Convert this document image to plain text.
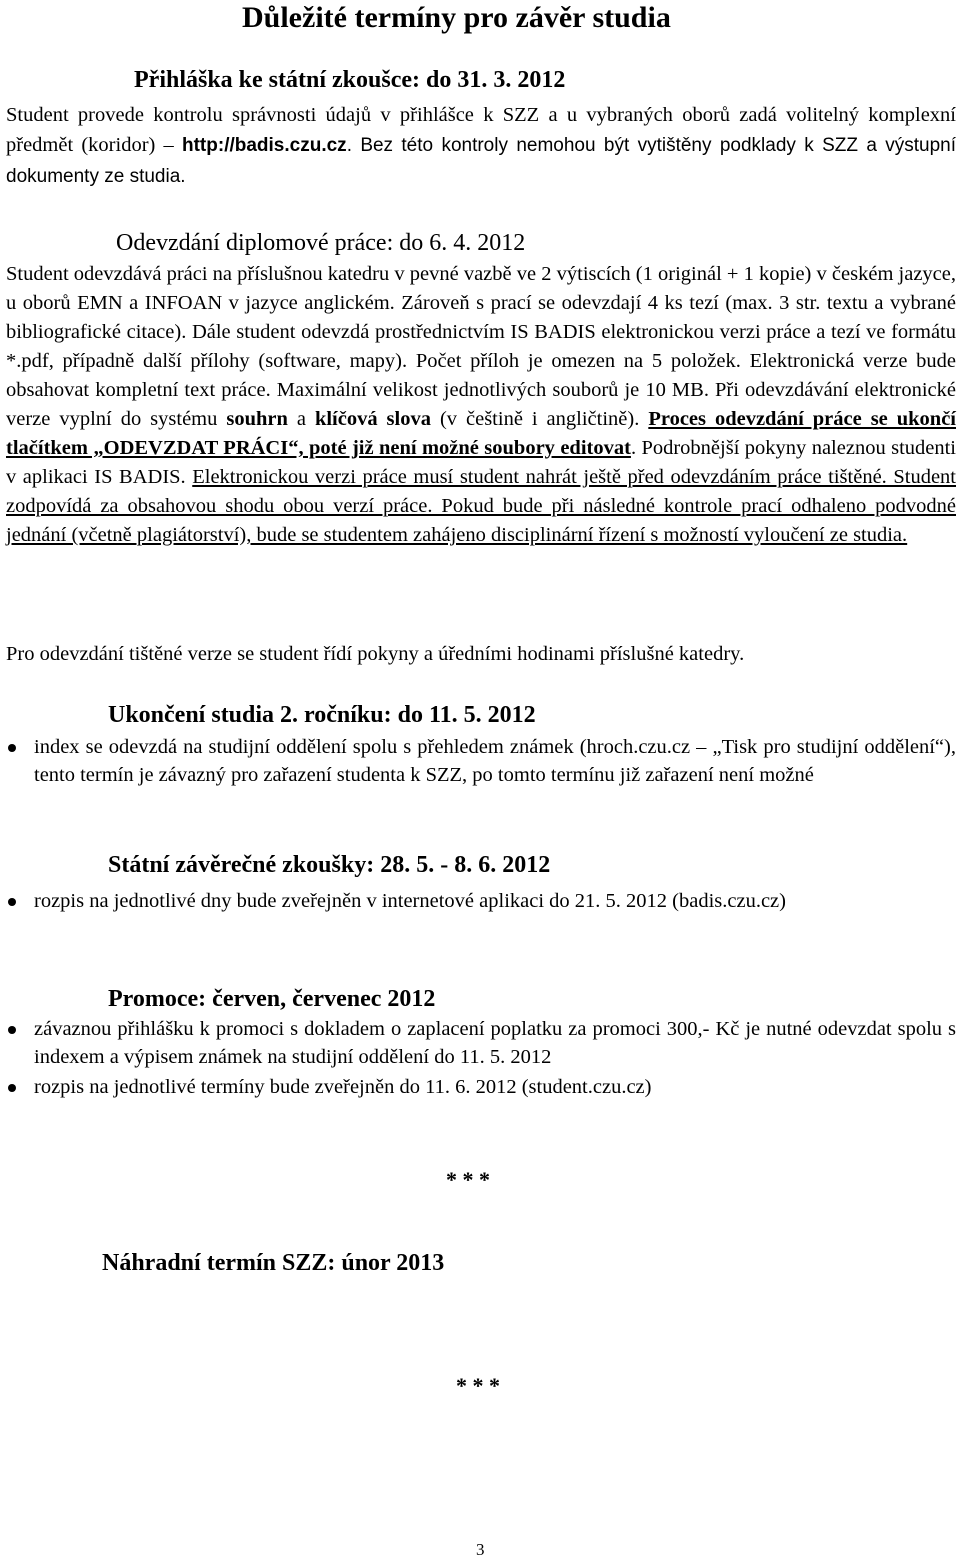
Důležité termíny pro závěr studia
Přihláška ke státní zkoušce: do 31. 3. 2012

Student provede kontrolu správnosti údajů v přihlášce k SZZ a u vybraných oborů zadá volitelný komplexní předmět (koridor) – http://badis.czu.cz. Bez této kontroly nemohou být vytištěny podklady k SZZ a výstupní dokumenty ze studia.

Odevzdání diplomové práce: do 6. 4. 2012

Student odevzdává práci na příslušnou katedru v pevné vazbě ve 2 výtiscích (1 originál + 1 kopie) v českém jazyce, u oborů EMN a INFOAN v jazyce anglickém. Zároveň s prací se odevzdají 4 ks tezí (max. 3 str. textu a vybrané bibliografické citace). Dále student odevzdá prostřednictvím IS BADIS elektronickou verzi práce a tezí ve formátu *.pdf, případně další přílohy (software, mapy). Počet příloh je omezen na 5 položek. Elektronická verze bude obsahovat kompletní text práce. Maximální velikost jednotlivých souborů je 10 MB. Při odevzdávání elektronické verze vyplní do systému souhrn a klíčová slova (v češtině i angličtině). Proces odevzdání práce se ukončí tlačítkem „ODEVZDAT PRÁCI“, poté již není možné soubory editovat. Podrobnější pokyny naleznou studenti v aplikaci IS BADIS. Elektronickou verzi práce musí student nahrát ještě před odevzdáním práce tištěné. Student zodpovídá za obsahovou shodu obou verzí práce. Pokud bude při následné kontrole prací odhaleno podvodné jednání (včetně plagiátorství), bude se studentem zahájeno disciplinární řízení s možností vyloučení ze studia.

Pro odevzdání tištěné verze se student řídí pokyny a úředními hodinami příslušné katedry.

Ukončení studia 2. ročníku: do 11. 5. 2012
index se odevzdá na studijní oddělení spolu s přehledem známek (hroch.czu.cz – „Tisk pro studijní oddělení“), tento termín je závazný pro zařazení studenta k SZZ, po tomto termínu již zařazení není možné
Státní závěrečné zkoušky: 28. 5. - 8. 6. 2012
rozpis na jednotlivé dny bude zveřejněn v internetové aplikaci do 21. 5. 2012 (badis.czu.cz)
Promoce: červen, červenec 2012
závaznou přihlášku k promoci s dokladem o zaplacení poplatku za promoci 300,- Kč je nutné odevzdat spolu s indexem a výpisem známek na studijní oddělení do 11. 5. 2012
rozpis na jednotlivé termíny bude zveřejněn do 11. 6. 2012 (student.czu.cz)
* * *
Náhradní termín SZZ: únor 2013
* * *
3
